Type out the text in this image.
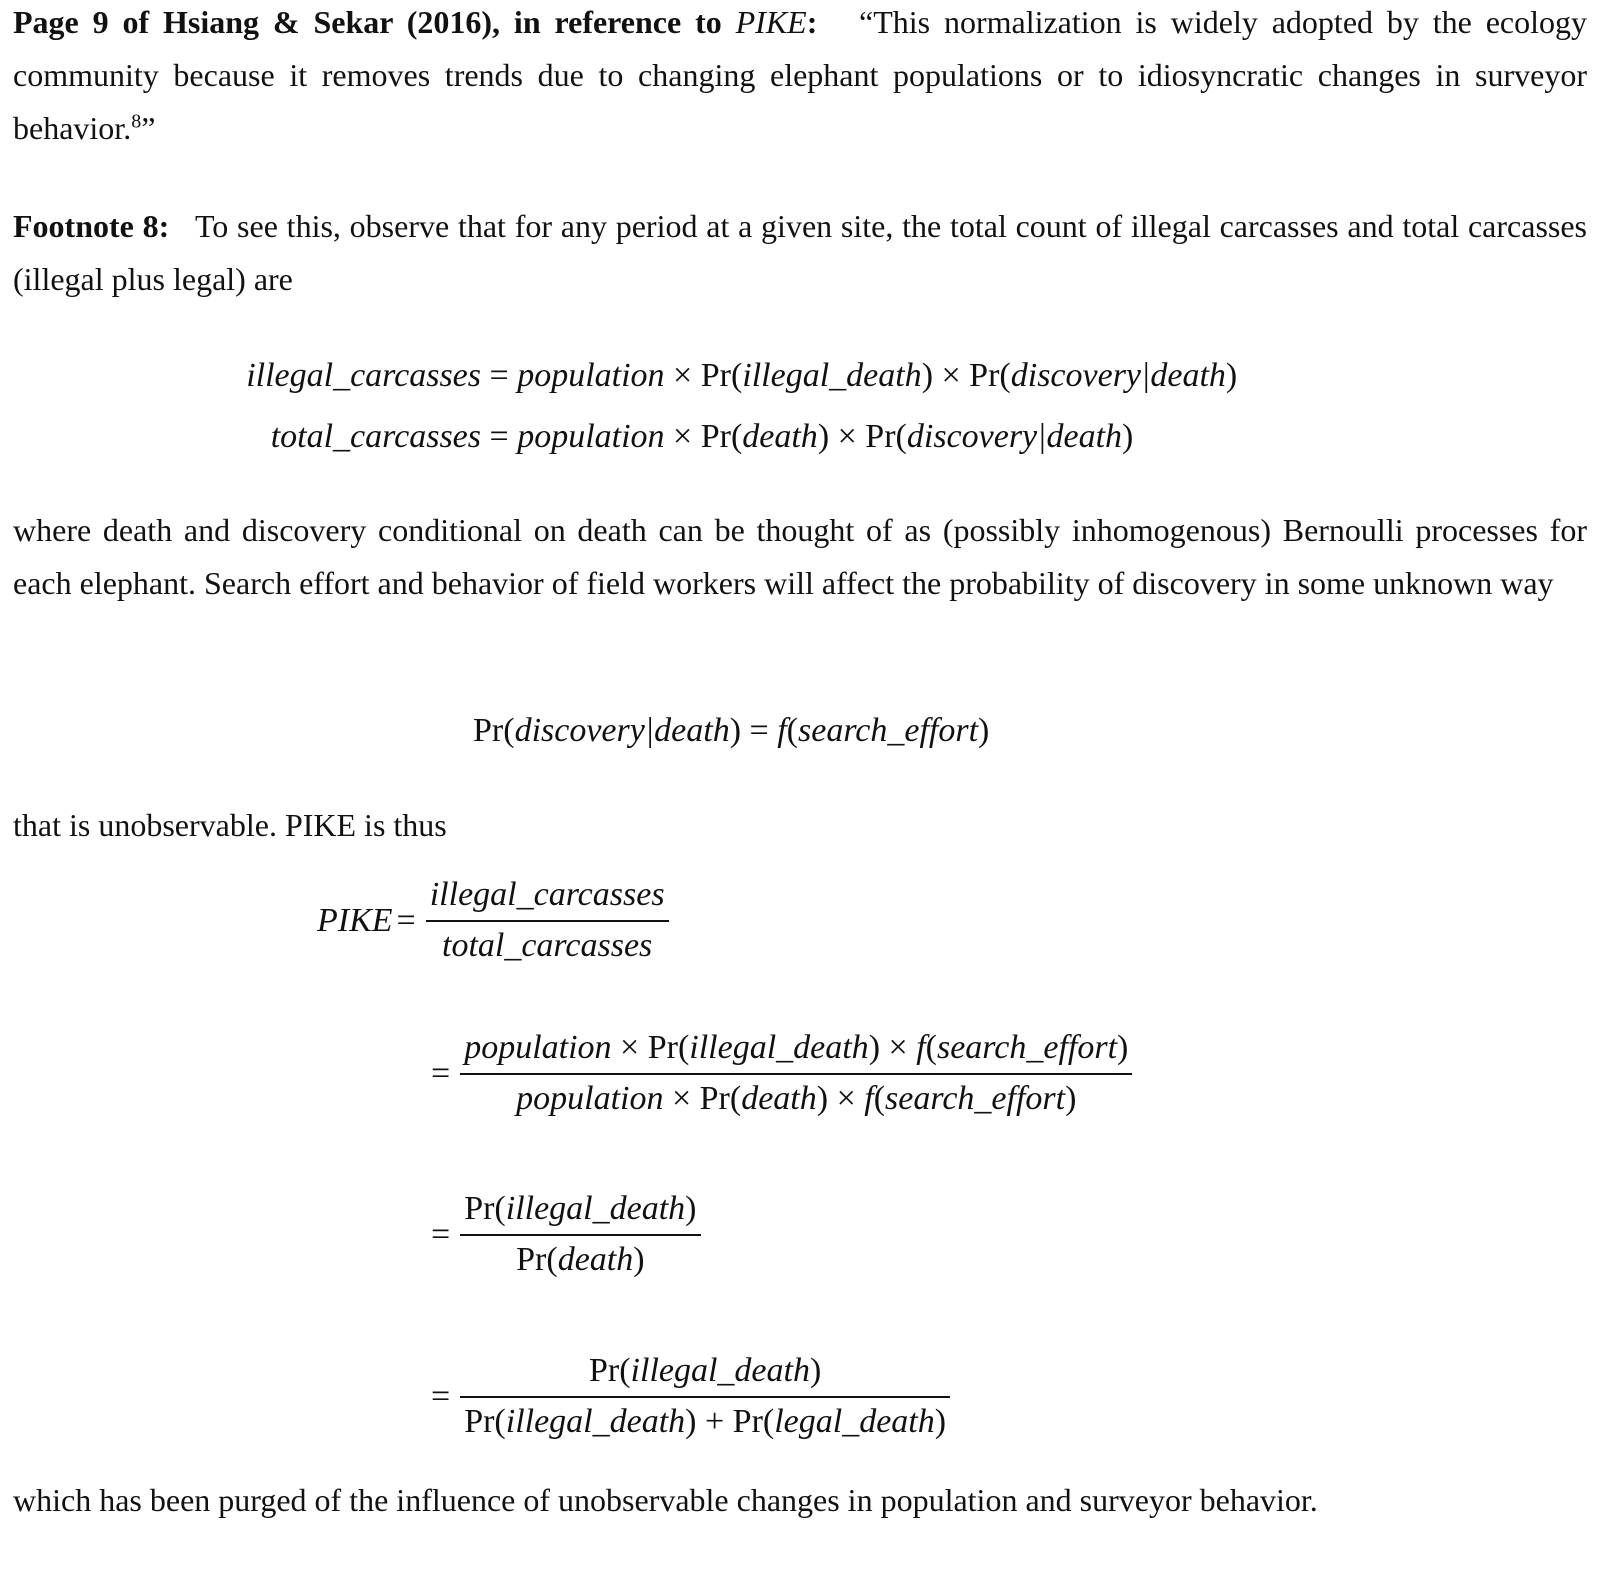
Page 9 of Hsiang & Sekar (2016), in reference to PIKE: “This normalization is widely adopted by the ecology community because it removes trends due to changing elephant populations or to idiosyncratic changes in surveyor behavior.$^8$”

Footnote 8: To see this, observe that for any period at a given site, the total count of illegal carcasses and total carcasses (illegal plus legal) are

illegal_carcasses = population × Pr(illegal_death) × Pr(discovery|death)
total_carcasses = population × Pr(death) × Pr(discovery|death)

where death and discovery conditional on death can be thought of as (possibly inhomogenous) Bernoulli processes for each elephant. Search effort and behavior of field workers will affect the probability of discovery in some unknown way

Pr(discovery|death) = f(search_effort)

that is unobservable. PIKE is thus

PIKE = $\frac{\text{illegal\_carcasses}}{\text{total\_carcasses}}$
= $\frac{\text{population × Pr(illegal\_death) × f(search\_effort)}}{\text{population × Pr(death) × f(search\_effort)}}$
= $\frac{\text{Pr(illegal\_death)}}{\text{Pr(death)}}$
= $\frac{\text{Pr(illegal\_death)}}{\text{Pr(illegal\_death) + Pr(legal\_death)}}$

which has been purged of the influence of unobservable changes in population and surveyor behavior.
